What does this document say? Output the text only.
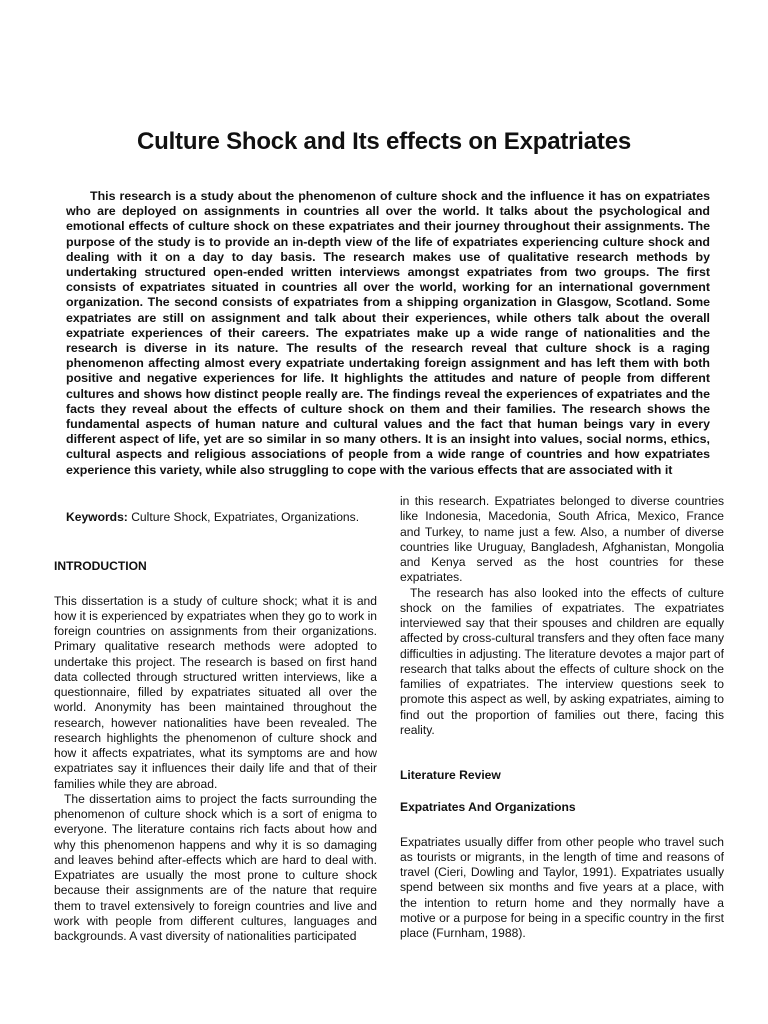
Culture Shock and Its effects on Expatriates

This research is a study about the phenomenon of culture shock and the influence it has on expatriates who are deployed on assignments in countries all over the world. It talks about the psychological and emotional effects of culture shock on these expatriates and their journey throughout their assignments. The purpose of the study is to provide an in-depth view of the life of expatriates experiencing culture shock and dealing with it on a day to day basis. The research makes use of qualitative research methods by undertaking structured open-ended written interviews amongst expatriates from two groups. The first consists of expatriates situated in countries all over the world, working for an international government organization. The second consists of expatriates from a shipping organization in Glasgow, Scotland. Some expatriates are still on assignment and talk about their experiences, while others talk about the overall expatriate experiences of their careers. The expatriates make up a wide range of nationalities and the research is diverse in its nature. The results of the research reveal that culture shock is a raging phenomenon affecting almost every expatriate undertaking foreign assignment and has left them with both positive and negative experiences for life. It highlights the attitudes and nature of people from different cultures and shows how distinct people really are. The findings reveal the experiences of expatriates and the facts they reveal about the effects of culture shock on them and their families. The research shows the fundamental aspects of human nature and cultural values and the fact that human beings vary in every different aspect of life, yet are so similar in so many others. It is an insight into values, social norms, ethics, cultural aspects and religious associations of people from a wide range of countries and how expatriates experience this variety, while also struggling to cope with the various effects that are associated with it

Keywords: Culture Shock, Expatriates, Organizations.

INTRODUCTION

This dissertation is a study of culture shock; what it is and how it is experienced by expatriates when they go to work in foreign countries on assignments from their organizations. Primary qualitative research methods were adopted to undertake this project. The research is based on first hand data collected through structured written interviews, like a questionnaire, filled by expatriates situated all over the world. Anonymity has been maintained throughout the research, however nationalities have been revealed. The research highlights the phenomenon of culture shock and how it affects expatriates, what its symptoms are and how expatriates say it influences their daily life and that of their families while they are abroad.

The dissertation aims to project the facts surrounding the phenomenon of culture shock which is a sort of enigma to everyone. The literature contains rich facts about how and why this phenomenon happens and why it is so damaging and leaves behind after-effects which are hard to deal with. Expatriates are usually the most prone to culture shock because their assignments are of the nature that require them to travel extensively to foreign countries and live and work with people from different cultures, languages and backgrounds. A vast diversity of nationalities participated

in this research. Expatriates belonged to diverse countries like Indonesia, Macedonia, South Africa, Mexico, France and Turkey, to name just a few. Also, a number of diverse countries like Uruguay, Bangladesh, Afghanistan, Mongolia and Kenya served as the host countries for these expatriates.

The research has also looked into the effects of culture shock on the families of expatriates. The expatriates interviewed say that their spouses and children are equally affected by cross-cultural transfers and they often face many difficulties in adjusting. The literature devotes a major part of research that talks about the effects of culture shock on the families of expatriates. The interview questions seek to promote this aspect as well, by asking expatriates, aiming to find out the proportion of families out there, facing this reality.

Literature Review
Expatriates And Organizations

Expatriates usually differ from other people who travel such as tourists or migrants, in the length of time and reasons of travel (Cieri, Dowling and Taylor, 1991). Expatriates usually spend between six months and five years at a place, with the intention to return home and they normally have a motive or a purpose for being in a specific country in the first place (Furnham, 1988).
